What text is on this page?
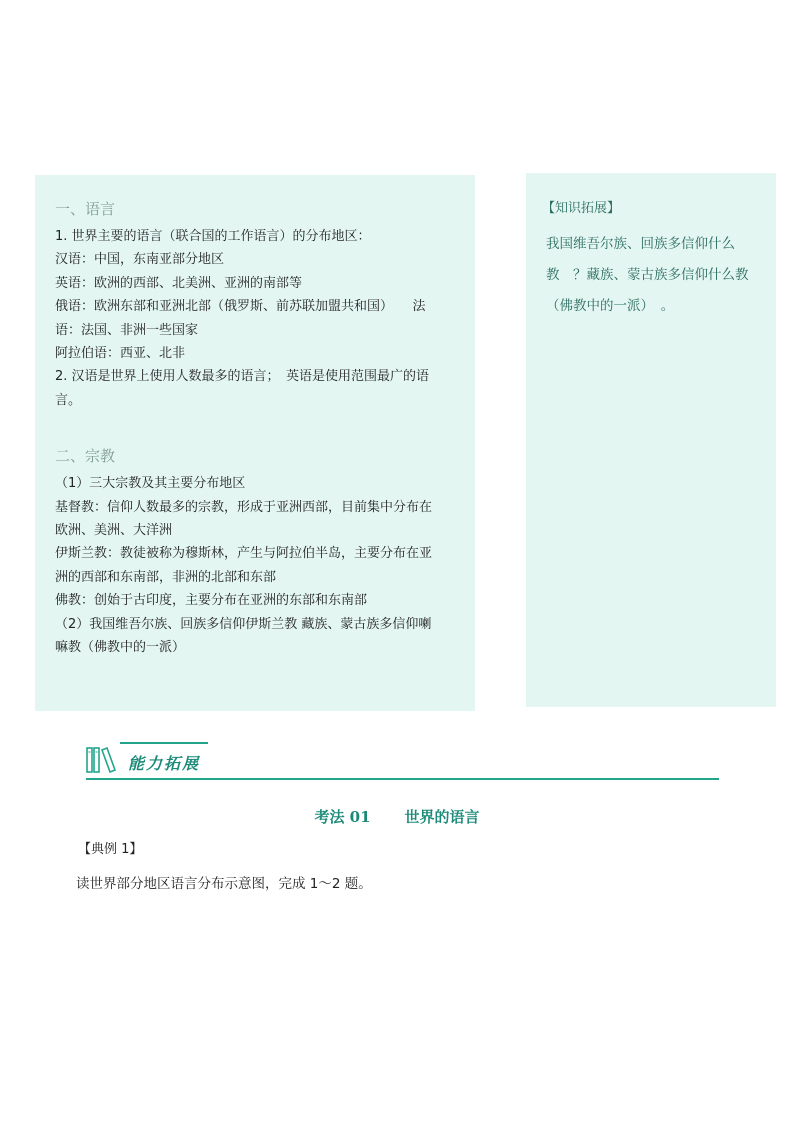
一、语言
1. 世界主要的语言（联合国的工作语言）的分布地区：
汉语：中国，东南亚部分地区
英语：欧洲的西部、北美洲、亚洲的南部等
俄语：欧洲东部和亚洲北部（俄罗斯、前苏联加盟共和国）　　法
语：法国、非洲一些国家
阿拉伯语：西亚、北非
2. 汉语是世界上使用人数最多的语言；　英语是使用范围最广的语
言。
二、宗教
（1）三大宗教及其主要分布地区
基督教：信仰人数最多的宗教，形成于亚洲西部，目前集中分布在
欧洲、美洲、大洋洲
伊斯兰教：教徒被称为穆斯林，产生与阿拉伯半岛，主要分布在亚
洲的西部和东南部，非洲的北部和东部
佛教：创始于古印度，主要分布在亚洲的东部和东南部
（2）我国维吾尔族、回族多信仰伊斯兰教 藏族、蒙古族多信仰喇
嘛教（佛教中的一派）
【知识拓展】
我国维吾尔族、回族多信仰什么
教　？藏族、蒙古族多信仰什么教
（佛教中的一派）　。
能力拓展
考法 01 世界的语言
【典例 1】
读世界部分地区语言分布示意图，完成 1～2 题。
